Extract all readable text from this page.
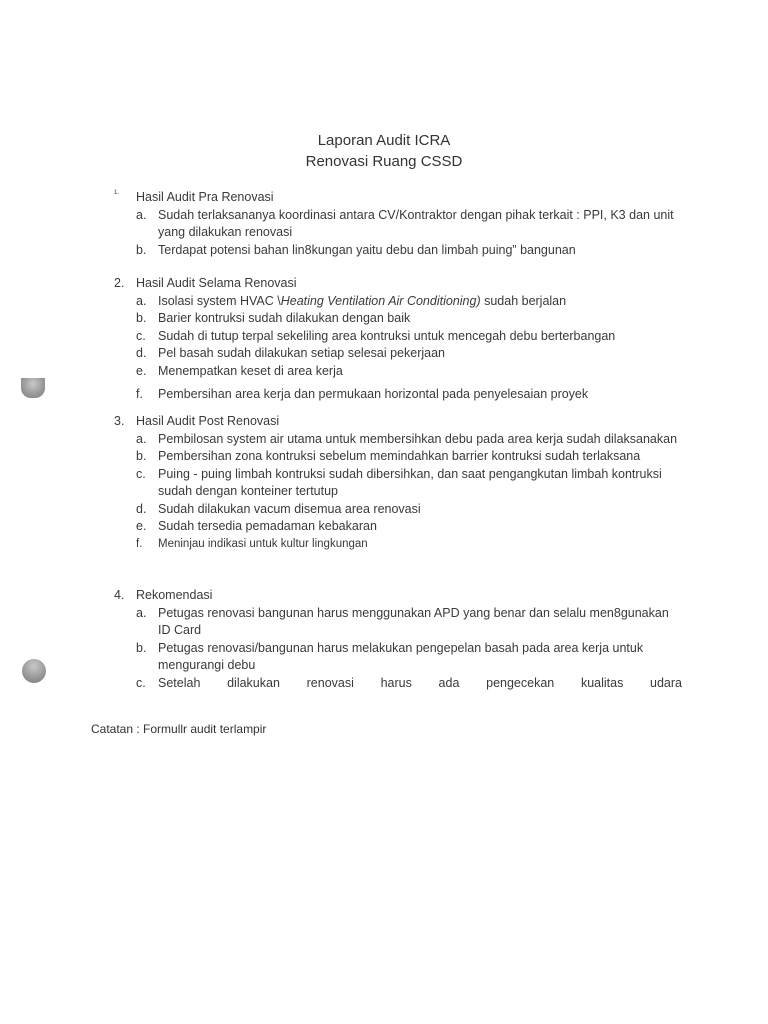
Laporan Audit ICRA
Renovasi Ruang CSSD
1. Hasil Audit Pra Renovasi
a. Sudah terlaksananya koordinasi antara CV/Kontraktor dengan pihak terkait : PPI, K3 dan unit yang dilakukan renovasi
b. Terdapat potensi bahan lin8kungan yaitu debu dan limbah puing” bangunan
2. Hasil Audit Selama Renovasi
a. Isolasi system HVAC \Heating Ventilation Air Conditioning) sudah berjalan
b. Barier kontruksi sudah dilakukan dengan baik
c. Sudah di tutup terpal sekeliling area kontruksi untuk mencegah debu berterbangan
d. Pel basah sudah dilakukan setiap selesai pekerjaan
e. Menempatkan keset di area kerja
f. Pembersihan area kerja dan permukaan horizontal pada penyelesaian proyek
3. Hasil Audit Post Renovasi
a. Pembilosan system air utama untuk membersihkan debu pada area kerja sudah dilaksanakan
b. Pembersihan zona kontruksi sebelum memindahkan barrier kontruksi sudah terlaksana
c. Puing - puing limbah kontruksi sudah dibersihkan, dan saat pengangkutan limbah kontruksi sudah dengan konteiner tertutup
d. Sudah dilakukan vacum disemua area renovasi
e. Sudah tersedia pemadaman kebakaran
f. Meninjau indikasi untuk kultur lingkungan
4. Rekomendasi
a. Petugas renovasi bangunan harus menggunakan APD yang benar dan selalu men8gunakan ID Card
b. Petugas renovasi/bangunan harus melakukan pengepelan basah pada area kerja untuk mengurangi debu
c. Setelah dilakukan renovasi harus ada pengecekan kualitas udara
Catatan : Formullr audit terlampir
